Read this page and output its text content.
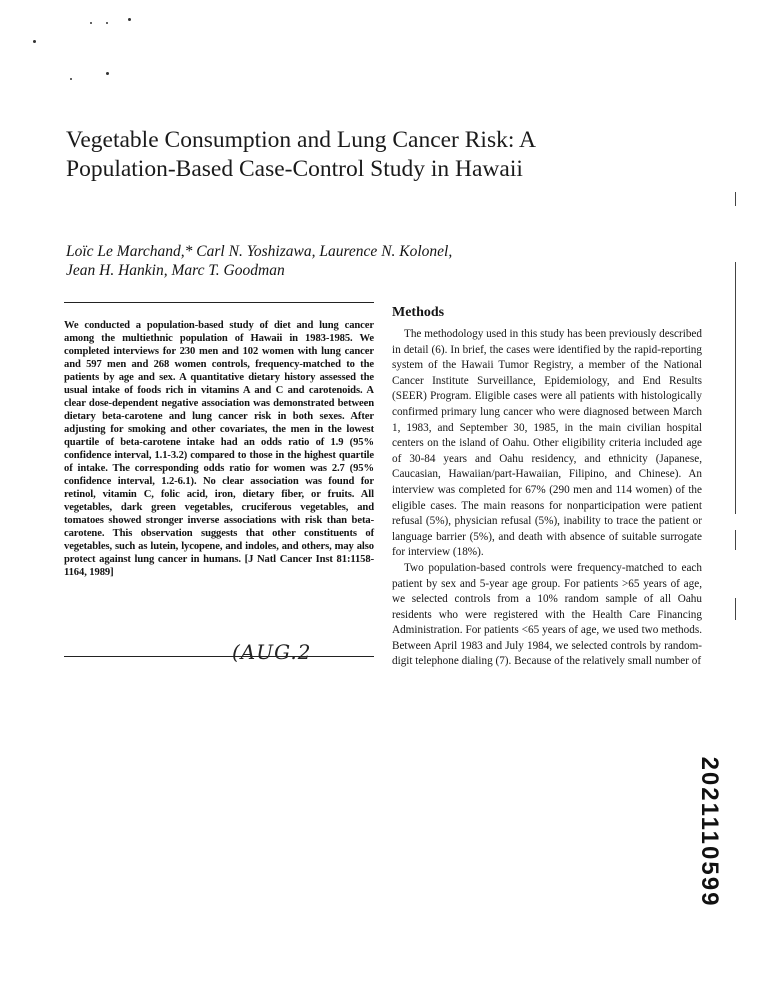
Vegetable Consumption and Lung Cancer Risk: A Population-Based Case-Control Study in Hawaii
Loïc Le Marchand,* Carl N. Yoshizawa, Laurence N. Kolonel,
Jean H. Hankin, Marc T. Goodman

We conducted a population-based study of diet and lung cancer among the multiethnic population of Hawaii in 1983-1985. We completed interviews for 230 men and 102 women with lung cancer and 597 men and 268 women controls, frequency-matched to the patients by age and sex. A quantitative dietary history assessed the usual intake of foods rich in vitamins A and C and carotenoids. A clear dose-dependent negative association was demonstrated between dietary beta-carotene and lung cancer risk in both sexes. After adjusting for smoking and other covariates, the men in the lowest quartile of beta-carotene intake had an odds ratio of 1.9 (95% confidence interval, 1.1-3.2) compared to those in the highest quartile of intake. The corresponding odds ratio for women was 2.7 (95% confidence interval, 1.2-6.1). No clear association was found for retinol, vitamin C, folic acid, iron, dietary fiber, or fruits. All vegetables, dark green vegetables, cruciferous vegetables, and tomatoes showed stronger inverse associations with risk than beta-carotene. This observation suggests that other constituents of vegetables, such as lutein, lycopene, and indoles, and others, may also protect against lung cancer in humans. [J Natl Cancer Inst 81:1158-1164, 1989]

(AUG.2
Methods

The methodology used in this study has been previously described in detail (6). In brief, the cases were identified by the rapid-reporting system of the Hawaii Tumor Registry, a member of the National Cancer Institute Surveillance, Epidemiology, and End Results (SEER) Program. Eligible cases were all patients with histologically confirmed primary lung cancer who were diagnosed between March 1, 1983, and September 30, 1985, in the main civilian hospital centers on the island of Oahu. Other eligibility criteria included age of 30-84 years and Oahu residency, and ethnicity (Japanese, Caucasian, Hawaiian/part-Hawaiian, Filipino, and Chinese). An interview was completed for 67% (290 men and 114 women) of the eligible cases. The main reasons for nonparticipation were patient refusal (5%), physician refusal (5%), inability to trace the patient or language barrier (5%), and death with absence of suitable surrogate for interview (18%).

Two population-based controls were frequency-matched to each patient by sex and 5-year age group. For patients >65 years of age, we selected controls from a 10% random sample of all Oahu residents who were registered with the Health Care Financing Administration. For patients <65 years of age, we used two methods. Between April 1983 and July 1984, we selected controls by random-digit telephone dialing (7). Because of the relatively small number of

2021110599
